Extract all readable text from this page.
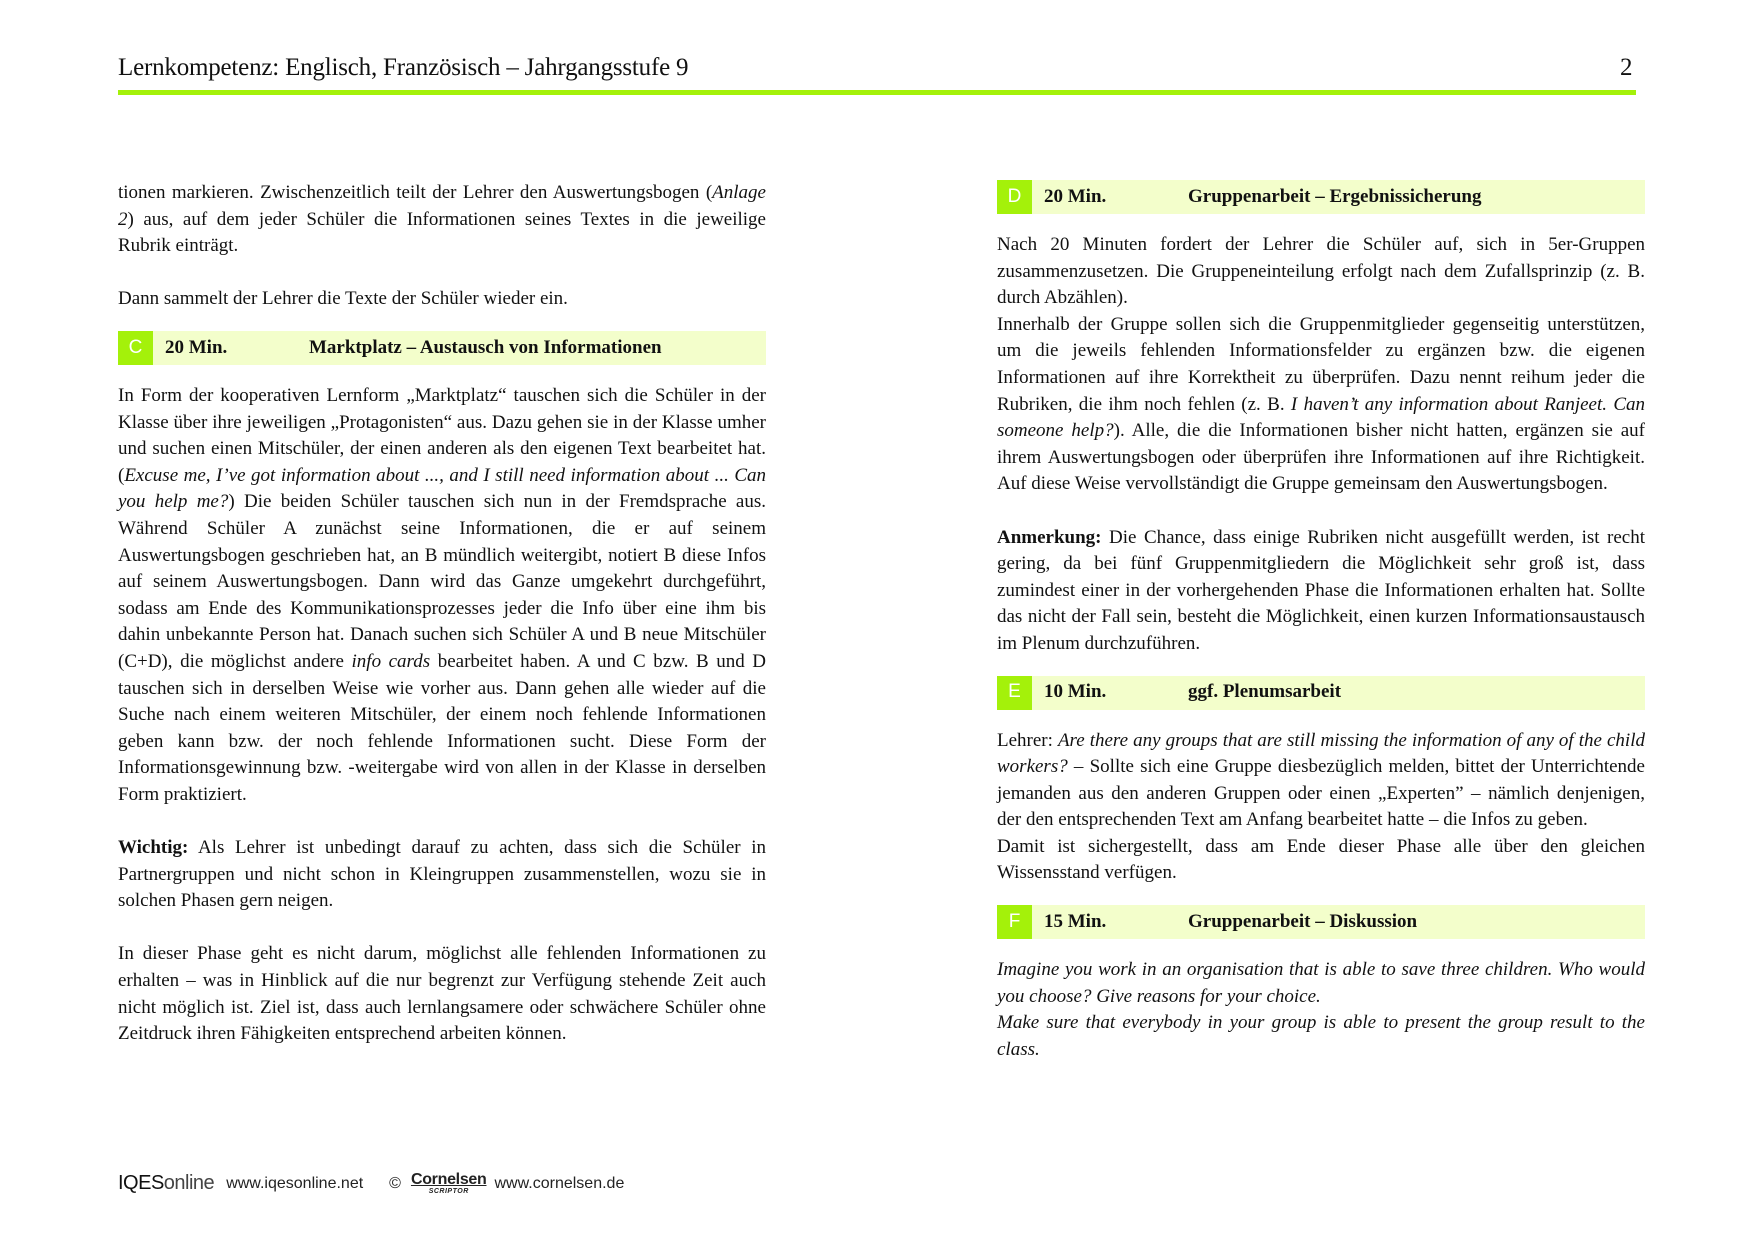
Lernkompetenz: Englisch, Französisch – Jahrgangsstufe 9	2

tionen markieren. Zwischenzeitlich teilt der Lehrer den Auswertungsbogen (Anlage 2) aus, auf dem jeder Schüler die Informationen seines Textes in die jeweilige Rubrik einträgt.

Dann sammelt der Lehrer die Texte der Schüler wieder ein.

C	20 Min.	Marktplatz – Austausch von Informationen

In Form der kooperativen Lernform „Marktplatz“ tauschen sich die Schüler in der Klasse über ihre jeweiligen „Protagonisten“ aus. Dazu gehen sie in der Klasse umher und suchen einen Mitschüler, der einen anderen als den eigenen Text bearbeitet hat. (Excuse me, I’ve got information about ..., and I still need information about ... Can you help me?) Die beiden Schüler tauschen sich nun in der Fremdsprache aus. Während Schüler A zunächst seine Informationen, die er auf seinem Auswertungsbogen geschrieben hat, an B mündlich weitergibt, notiert B diese Infos auf seinem Auswertungsbogen. Dann wird das Ganze umgekehrt durchgeführt, sodass am Ende des Kommunikationsprozesses jeder die Info über eine ihm bis dahin unbekannte Person hat. Danach suchen sich Schüler A und B neue Mitschüler (C+D), die möglichst andere info cards bearbeitet haben. A und C bzw. B und D tauschen sich in derselben Weise wie vorher aus. Dann gehen alle wieder auf die Suche nach einem weiteren Mitschüler, der einem noch fehlende Informationen geben kann bzw. der noch fehlende Informationen sucht. Diese Form der Informationsgewinnung bzw. -weitergabe wird von allen in der Klasse in derselben Form praktiziert.

Wichtig: Als Lehrer ist unbedingt darauf zu achten, dass sich die Schüler in Partnergruppen und nicht schon in Kleingruppen zusammenstellen, wozu sie in solchen Phasen gern neigen.

In dieser Phase geht es nicht darum, möglichst alle fehlenden Informationen zu erhalten – was in Hinblick auf die nur begrenzt zur Verfügung stehende Zeit auch nicht möglich ist. Ziel ist, dass auch lernlangsamere oder schwächere Schüler ohne Zeitdruck ihren Fähigkeiten entsprechend arbeiten können.

D	20 Min.	Gruppenarbeit – Ergebnissicherung

Nach 20 Minuten fordert der Lehrer die Schüler auf, sich in 5er-Gruppen zusammenzusetzen. Die Gruppeneinteilung erfolgt nach dem Zufallsprinzip (z. B. durch Abzählen).

Innerhalb der Gruppe sollen sich die Gruppenmitglieder gegenseitig unterstützen, um die jeweils fehlenden Informationsfelder zu ergänzen bzw. die eigenen Informationen auf ihre Korrektheit zu überprüfen. Dazu nennt reihum jeder die Rubriken, die ihm noch fehlen (z. B. I haven’t any information about Ranjeet. Can someone help?). Alle, die die Informationen bisher nicht hatten, ergänzen sie auf ihrem Auswertungsbogen oder überprüfen ihre Informationen auf ihre Richtigkeit. Auf diese Weise vervollständigt die Gruppe gemeinsam den Auswertungsbogen.

Anmerkung: Die Chance, dass einige Rubriken nicht ausgefüllt werden, ist recht gering, da bei fünf Gruppenmitgliedern die Möglichkeit sehr groß ist, dass zumindest einer in der vorhergehenden Phase die Informationen erhalten hat. Sollte das nicht der Fall sein, besteht die Möglichkeit, einen kurzen Informationsaustausch im Plenum durchzuführen.

E	10 Min.	ggf. Plenumsarbeit

Lehrer: Are there any groups that are still missing the information of any of the child workers? – Sollte sich eine Gruppe diesbezüglich melden, bittet der Unterrichtende jemanden aus den anderen Gruppen oder einen „Experten” – nämlich denjenigen, der den entsprechenden Text am Anfang bearbeitet hatte – die Infos zu geben.

Damit ist sichergestellt, dass am Ende dieser Phase alle über den gleichen Wissensstand verfügen.

F	15 Min.	Gruppenarbeit – Diskussion

Imagine you work in an organisation that is able to save three children. Who would you choose? Give reasons for your choice.

Make sure that everybody in your group is able to present the group result to the class.

IQESonline www.iqesonline.net © Cornelsen
SCRIPTOR www.cornelsen.de
